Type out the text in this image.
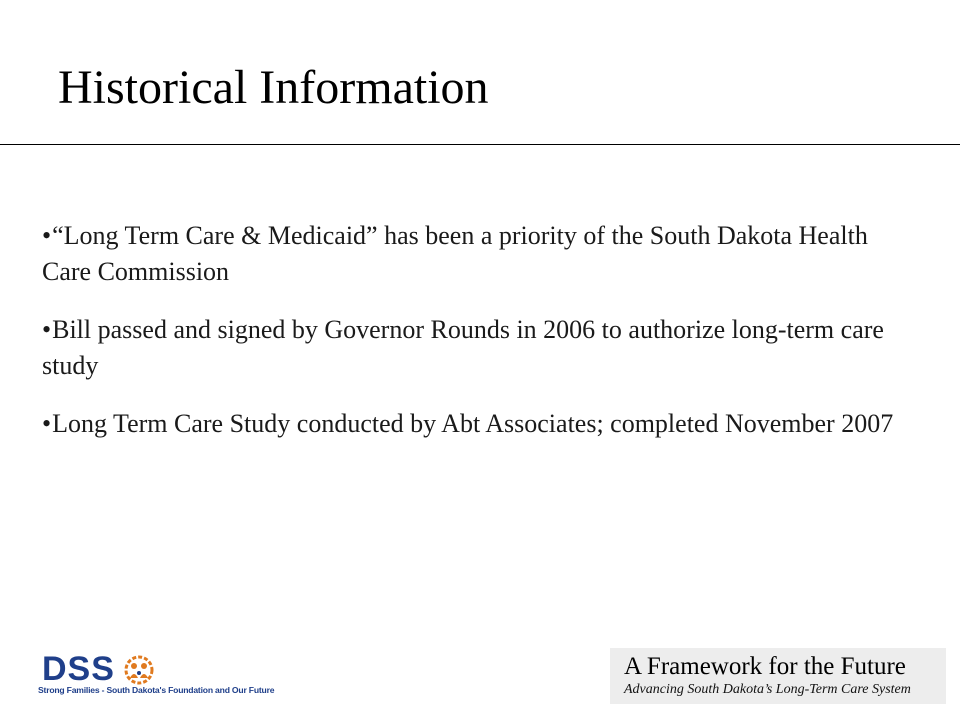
Historical Information
•“Long Term Care & Medicaid” has been a priority of the South Dakota Health Care Commission
•Bill passed and signed by Governor Rounds in 2006 to authorize long-term care study
•Long Term Care Study conducted by Abt Associates; completed November 2007
DSS
Strong Families - South Dakota's Foundation and Our Future
A Framework for the Future
Advancing South Dakota’s Long-Term Care System
